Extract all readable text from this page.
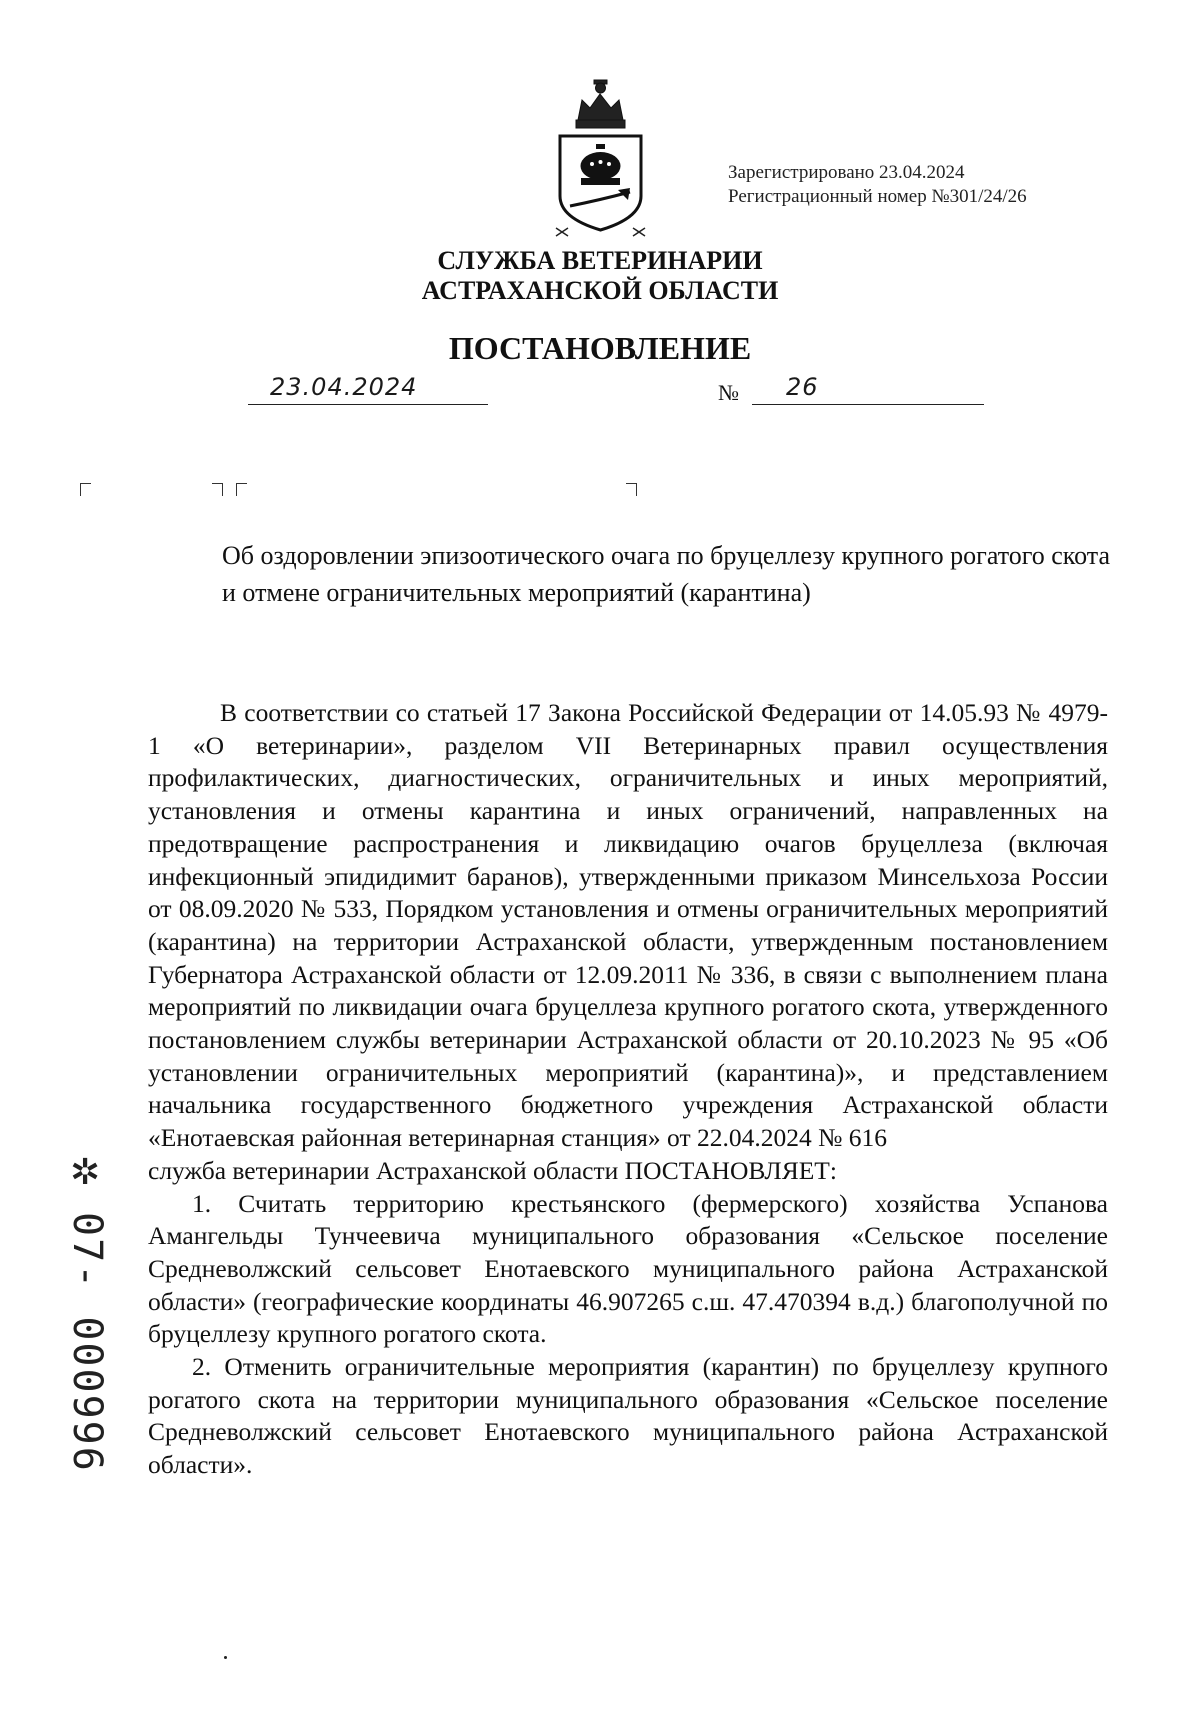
Зарегистрировано 23.04.2024
Регистрационный номер №301/24/26
СЛУЖБА ВЕТЕРИНАРИИ
АСТРАХАНСКОЙ ОБЛАСТИ
ПОСТАНОВЛЕНИЕ
23.04.2024	№ 26
Об оздоровлении эпизоотического очага по бруцеллезу крупного рогатого скота и отмене ограничительных мероприятий (карантина)

В соответствии со статьей 17 Закона Российской Федерации от 14.05.93 № 4979-1 «О ветеринарии», разделом VII Ветеринарных правил осуществления профилактических, диагностических, ограничительных и иных мероприятий, установления и отмены карантина и иных ограничений, направленных на предотвращение распространения и ликвидацию очагов бруцеллеза (включая инфекционный эпидидимит баранов), утвержденными приказом Минсельхоза России от 08.09.2020 № 533, Порядком установления и отмены ограничительных мероприятий (карантина) на территории Астраханской области, утвержденным постановлением Губернатора Астраханской области от 12.09.2011 № 336, в связи с выполнением плана мероприятий по ликвидации очага бруцеллеза крупного рогатого скота, утвержденного постановлением службы ветеринарии Астраханской области от 20.10.2023 № 95 «Об установлении ограничительных мероприятий (карантина)», и представлением начальника государственного бюджетного учреждения Астраханской области «Енотаевская районная ветеринарная станция» от 22.04.2024 № 616

служба ветеринарии Астраханской области ПОСТАНОВЛЯЕТ:

1. Считать территорию крестьянского (фермерского) хозяйства Успанова Амангельды Тунчеевича муниципального образования «Сельское поселение Средневолжский сельсовет Енотаевского муниципального района Астраханской области» (географические координаты 46.907265 с.ш. 47.470394 в.д.) благополучной по бруцеллезу крупного рогатого скота.

2. Отменить ограничительные мероприятия (карантин) по бруцеллезу крупного рогатого скота на территории муниципального образования «Сельское поселение Средневолжский сельсовет Енотаевского муниципального района Астраханской области».

✲
07- 000996
